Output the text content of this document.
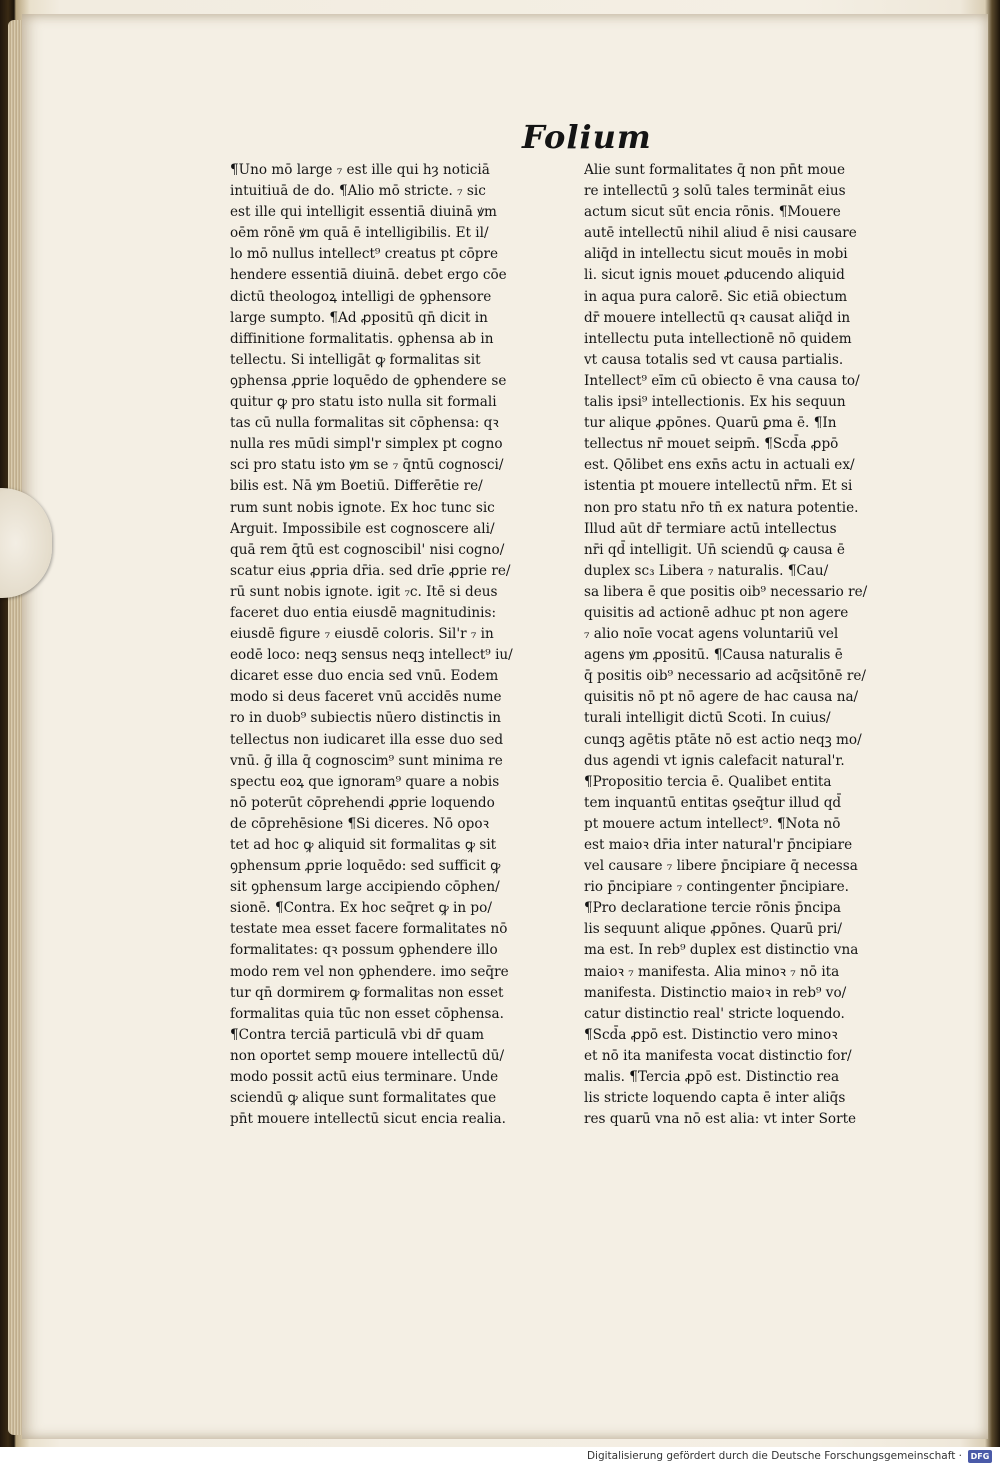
Folium
¶Uno mō large ₇ est ille qui hȝ noticiā
intuitiuā de do. ¶Alio mō stricte. ₇ sic
est ille qui intelligit essentiā diuinā ꝟm
oēm rōnē ꝟm quā ē intelligibilis. Et il/
lo mō nullus intellect⁹ creatus pt cōpre
hendere essentiā diuinā. debet ergo cōe
dictū theologoꝝ intelligi de ꝯphensore
large sumpto. ¶Ad ꝓpositū qn̄ dicit in
diffinitione formalitatis. ꝯphensa ab in
tellectu. Si intelligāt ꝙ formalitas sit
ꝯphensa ꝓprie loquēdo de ꝯphendere se
quitur ꝙ pro statu isto nulla sit formali
tas cū nulla formalitas sit cōphensa: qꝛ
nulla res mūdi simpl'r simplex pt cogno
sci pro statu isto ꝟm se ₇ q̄ntū cognosci/
bilis est. Nā ꝟm Boetiū. Differētie re/
rum sunt nobis ignote. Ex hoc tunc sic
Arguit. Impossibile est cognoscere ali/
quā rem q̄tū est cognoscibil' nisi cogno/
scatur eius ꝓpria dr̄ia. sed drīe ꝓprie re/
rū sunt nobis ignote. igit ₇c. Itē si deus
faceret duo entia eiusdē magnitudinis:
eiusdē figure ₇ eiusdē coloris. Sil'r ₇ in
eodē loco: neqꝫ sensus neqꝫ intellect⁹ iu/
dicaret esse duo encia sed vnū. Eodem
modo si deus faceret vnū accidēs nume
ro in duob⁹ subiectis nūero distinctis in
tellectus non iudicaret illa esse duo sed
vnū. ḡ illa q̄ cognoscim⁹ sunt minima re
spectu eoꝝ que ignoram⁹ quare a nobis
nō poterūt cōprehendi ꝓprie loquendo
de cōprehēsione ¶Si diceres. Nō opoꝛ
tet ad hoc ꝙ aliquid sit formalitas ꝙ sit
ꝯphensum ꝓprie loquēdo: sed sufficit ꝙ
sit ꝯphensum large accipiendo cōphen/
sionē. ¶Contra. Ex hoc seq̄ret ꝙ in po/
testate mea esset facere formalitates nō
formalitates: qꝛ possum ꝯphendere illo
modo rem vel non ꝯphendere. imo seq̄re
tur qn̄ dormirem ꝙ formalitas non esset
formalitas quia tūc non esset cōphensa.
¶Contra terciā particulā vbi dr̄ quam
non oportet semp mouere intellectū dū/
modo possit actū eius terminare. Unde
sciendū ꝙ alique sunt formalitates que
pn̄t mouere intellectū sicut encia realia.
Alie sunt formalitates q̄ non pn̄t moue
re intellectū ȝ solū tales termināt eius
actum sicut sūt encia rōnis. ¶Mouere
autē intellectū nihil aliud ē nisi causare
aliq̄d in intellectu sicut mouēs in mobi
li. sicut ignis mouet ꝓducendo aliquid
in aqua pura calorē. Sic etiā obiectum
dr̄ mouere intellectū qꝛ causat aliq̄d in
intellectu puta intellectionē nō quidem
vt causa totalis sed vt causa partialis.
Intellect⁹ eīm cū obiecto ē vna causa to/
talis ipsi⁹ intellectionis. Ex his sequun
tur alique ꝓpōnes. Quarū ꝑma ē. ¶In
tellectus nr̄ mouet seipm̄. ¶Scd̄a ꝓpō
est. Qōlibet ens exn̄s actu in actuali ex/
istentia pt mouere intellectū nr̄m. Et si
non pro statu nr̄o tn̄ ex natura potentie.
Illud aūt dr̄ termiare actū intellectus
nr̄i qd̄ intelligit. Un̄ sciendū ꝙ causa ē
duplex sc₃ Libera ₇ naturalis. ¶Cau/
sa libera ē que positis oib⁹ necessario re/
quisitis ad actionē adhuc pt non agere
₇ alio noīe vocat agens voluntariū vel
agens ꝟm ꝓpositū. ¶Causa naturalis ē
q̄ positis oib⁹ necessario ad acq̄sitōnē re/
quisitis nō pt nō agere de hac causa na/
turali intelligit dictū Scoti. In cuius/
cunqꝫ agētis ptāte nō est actio neqꝫ mo/
dus agendi vt ignis calefacit natural'r.
¶Propositio tercia ē. Qualibet entita
tem inquantū entitas ꝯseq̄tur illud qd̄
pt mouere actum intellect⁹. ¶Nota nō
est maioꝛ dr̄ia inter natural'r p̄ncipiare
vel causare ₇ libere p̄ncipiare q̄ necessa
rio p̄ncipiare ₇ contingenter p̄ncipiare.
¶Pro declaratione tercie rōnis p̄ncipa
lis sequunt alique ꝓpōnes. Quarū pri/
ma est. In reb⁹ duplex est distinctio vna
maioꝛ ₇ manifesta. Alia minoꝛ ₇ nō ita
manifesta. Distinctio maioꝛ in reb⁹ vo/
catur distinctio real' stricte loquendo.
¶Scd̄a ꝓpō est. Distinctio vero minoꝛ
et nō ita manifesta vocat distinctio for/
malis. ¶Tercia ꝓpō est. Distinctio rea
lis stricte loquendo capta ē inter aliq̄s
res quarū vna nō est alia: vt inter Sorte
Digitalisierung gefördert durch die Deutsche Forschungsgemeinschaft ·	DFG
